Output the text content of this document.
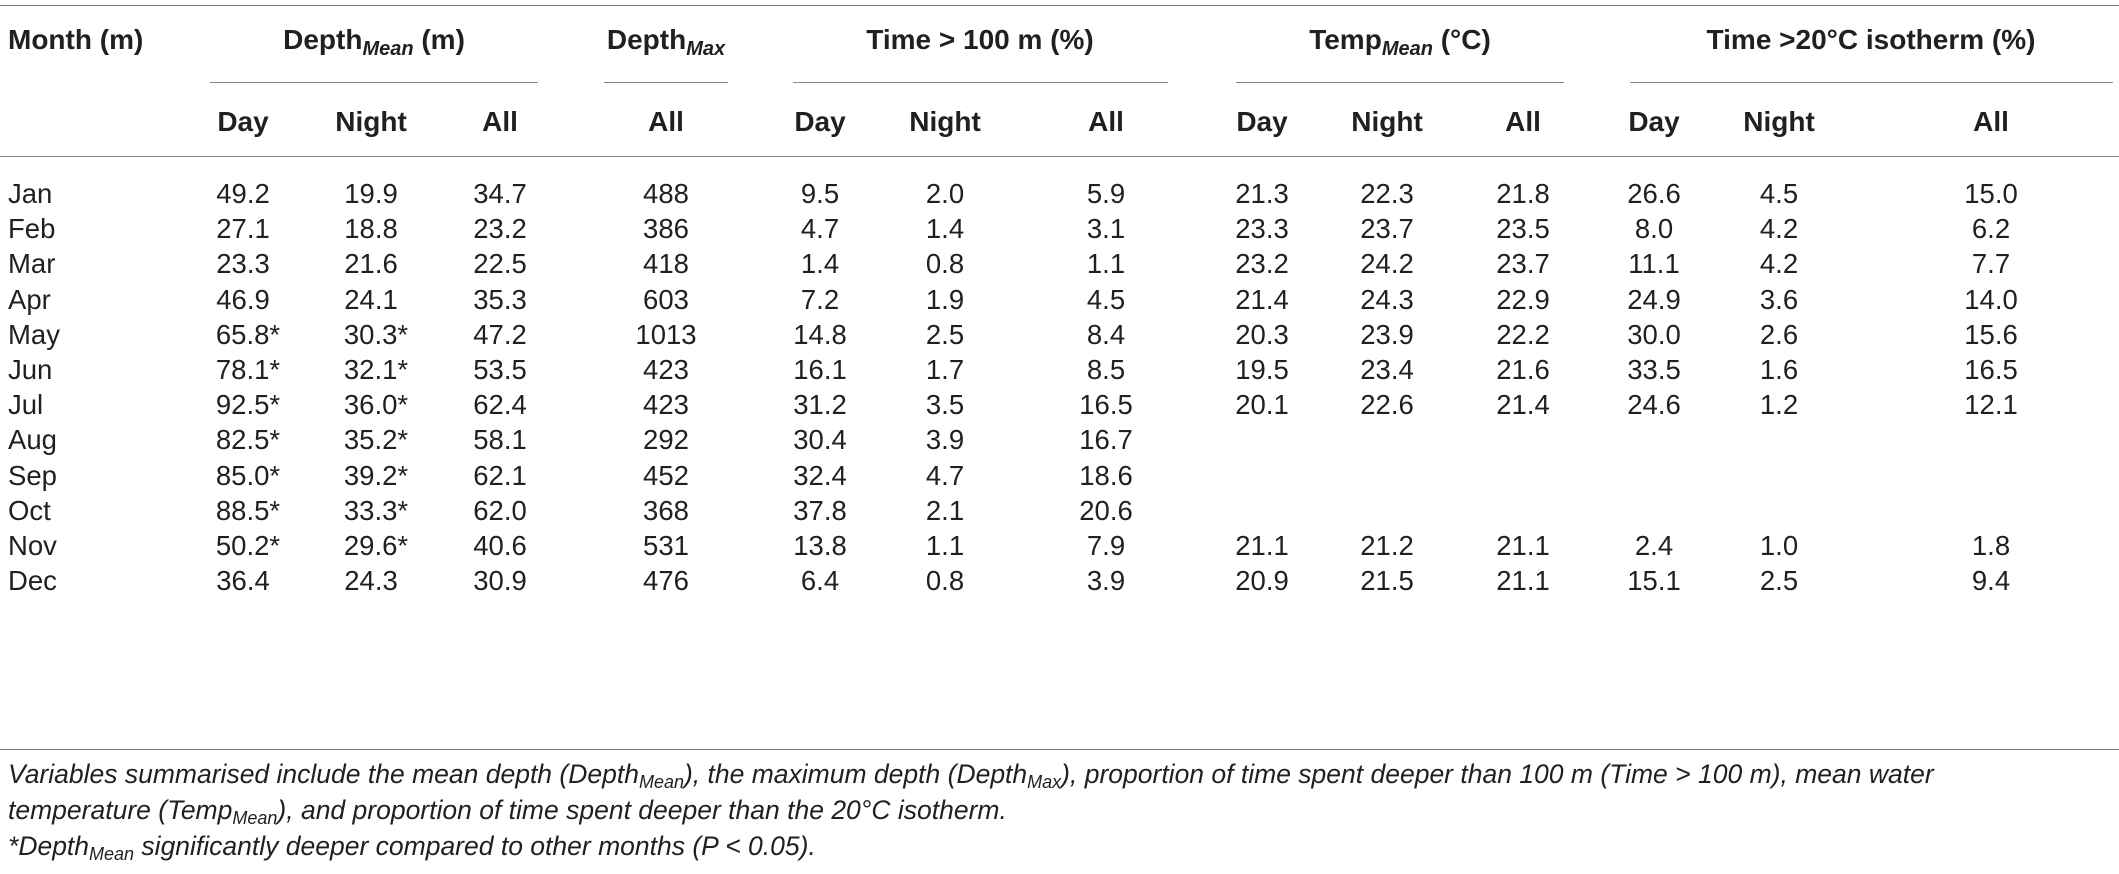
Month (m)	Depth$_{Mean}$ (m)	Depth$_{Max}$	Time > 100 m (%)	Temp$_{Mean}$ (°C)	Time >20°C isotherm (%)
Day Night	All	All	Day Night	All	Day Night	All	Day Night	All
Jan	49.2	19.9	34.7	488	9.5	2.0	5.9	21.3	22.3	21.8	26.6	4.5	15.0
Feb	27.1	18.8	23.2	386	4.7	1.4	3.1	23.3	23.7	23.5	8.0	4.2	6.2
Mar	23.3	21.6	22.5	418	1.4	0.8	1.1	23.2	24.2	23.7	11.1	4.2	7.7
Apr	46.9	24.1	35.3	603	7.2	1.9	4.5	21.4	24.3	22.9	24.9	3.6	14.0
May	65.8* 30.3* 47.2	1013	14.8	2.5	8.4	20.3	23.9	22.2	30.0	2.6	15.6
Jun	78.1* 32.1* 53.5	423	16.1	1.7	8.5	19.5	23.4	21.6	33.5	1.6	16.5
Jul	92.5* 36.0* 62.4	423	31.2	3.5	16.5	20.1	22.6	21.4	24.6	1.2	12.1
Aug	82.5* 35.2* 58.1	292	30.4	3.9	16.7
Sep	85.0* 39.2* 62.1	452	32.4	4.7	18.6
Oct	88.5* 33.3* 62.0	368	37.8	2.1	20.6
Nov	50.2* 29.6* 40.6	531	13.8	1.1	7.9	21.1	21.2	21.1	2.4	1.0	1.8
Dec	36.4	24.3	30.9	476	6.4	0.8	3.9	20.9	21.5	21.1	15.1	2.5	9.4
Variables summarised include the mean depth (Depth$_{Mean}$), the maximum depth (Depth$_{Max}$), proportion of time spent deeper than 100 m (Time > 100 m), mean water
temperature (Temp$_{Mean}$), and proportion of time spent deeper than the 20°C isotherm.
*Depth$_{Mean}$ significantly deeper compared to other months (P < 0.05).
